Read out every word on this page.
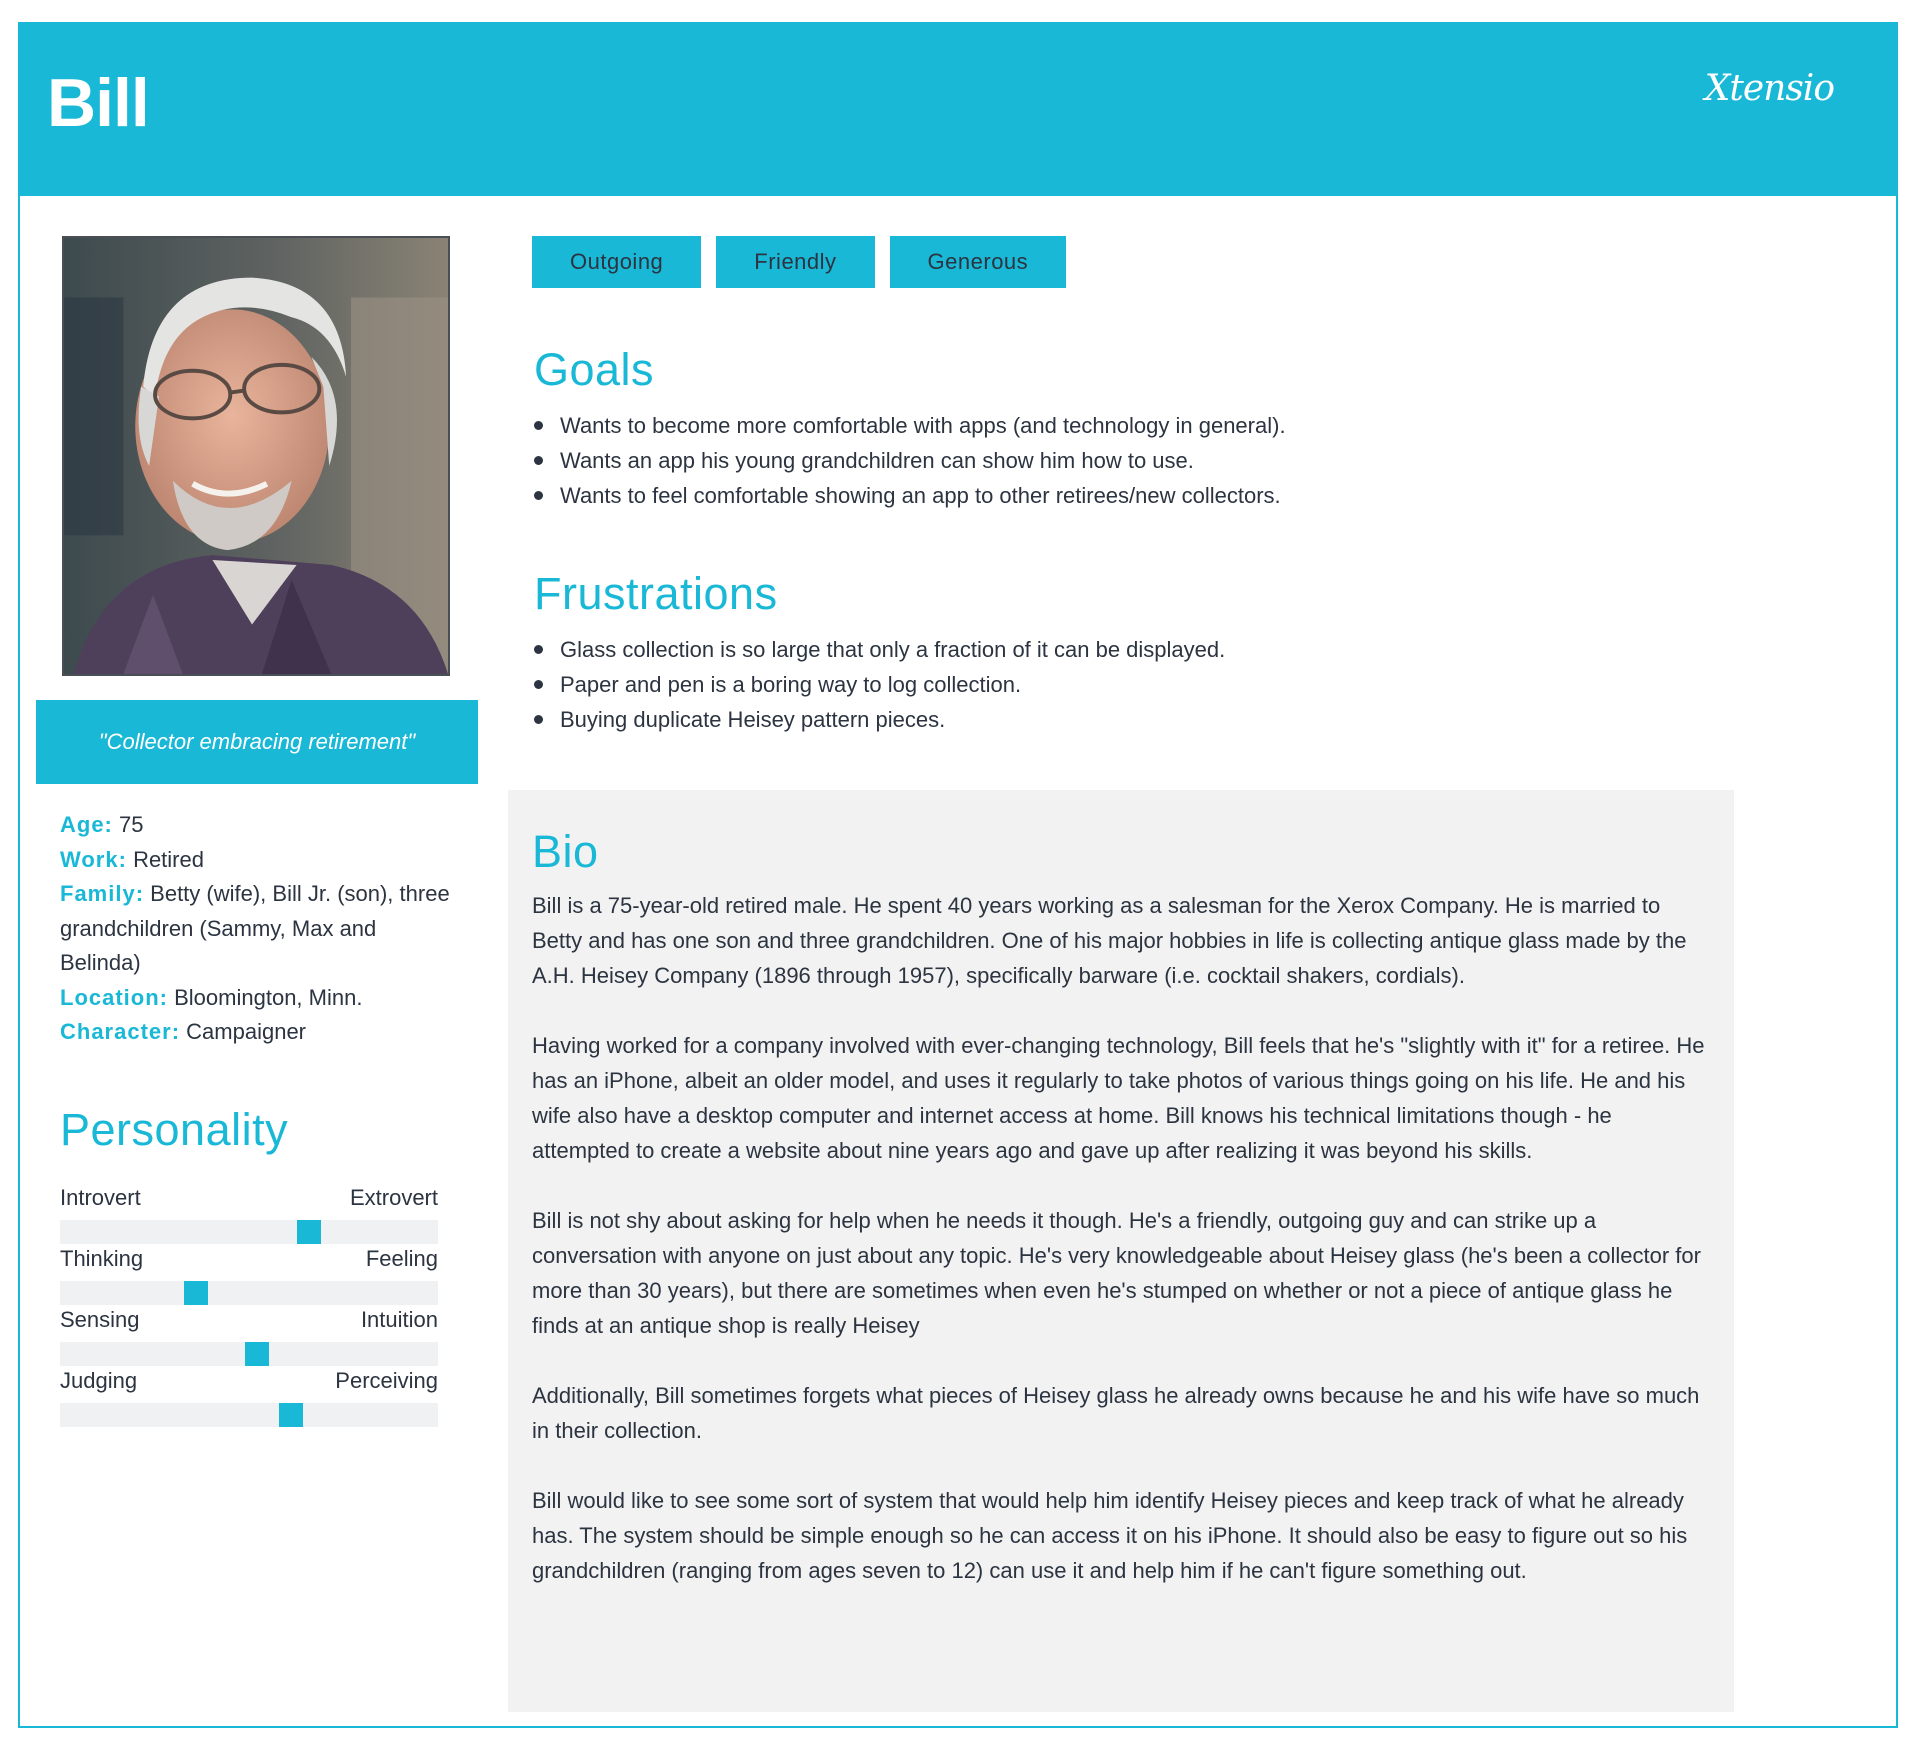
Bill	Xtensio
"Collector embracing retirement"

Age: 75

Work: Retired

Family: Betty (wife), Bill Jr. (son), three grandchildren (Sammy, Max and Belinda)

Location: Bloomington, Minn.

Character: Campaigner

Personality
Introvert	Extrovert
Thinking	Feeling
Sensing	Intuition
Judging	Perceiving
Outgoing	Friendly	Generous
Goals
Wants to become more comfortable with apps (and technology in general).
Wants an app his young grandchildren can show him how to use.
Wants to feel comfortable showing an app to other retirees/new collectors.
Frustrations
Glass collection is so large that only a fraction of it can be displayed.
Paper and pen is a boring way to log collection.
Buying duplicate Heisey pattern pieces.
Bio

Bill is a 75-year-old retired male. He spent 40 years working as a salesman for the Xerox Company. He is married to Betty and has one son and three grandchildren. One of his major hobbies in life is collecting antique glass made by the A.H. Heisey Company (1896 through 1957), specifically barware (i.e. cocktail shakers, cordials).

Having worked for a company involved with ever-changing technology, Bill feels that he's "slightly with it" for a retiree. He has an iPhone, albeit an older model, and uses it regularly to take photos of various things going on his life. He and his wife also have a desktop computer and internet access at home. Bill knows his technical limitations though - he attempted to create a website about nine years ago and gave up after realizing it was beyond his skills.

Bill is not shy about asking for help when he needs it though. He's a friendly, outgoing guy and can strike up a conversation with anyone on just about any topic. He's very knowledgeable about Heisey glass (he's been a collector for more than 30 years), but there are sometimes when even he's stumped on whether or not a piece of antique glass he finds at an antique shop is really Heisey

Additionally, Bill sometimes forgets what pieces of Heisey glass he already owns because he and his wife have so much in their collection.

Bill would like to see some sort of system that would help him identify Heisey pieces and keep track of what he already has. The system should be simple enough so he can access it on his iPhone. It should also be easy to figure out so his grandchildren (ranging from ages seven to 12) can use it and help him if he can't figure something out.
